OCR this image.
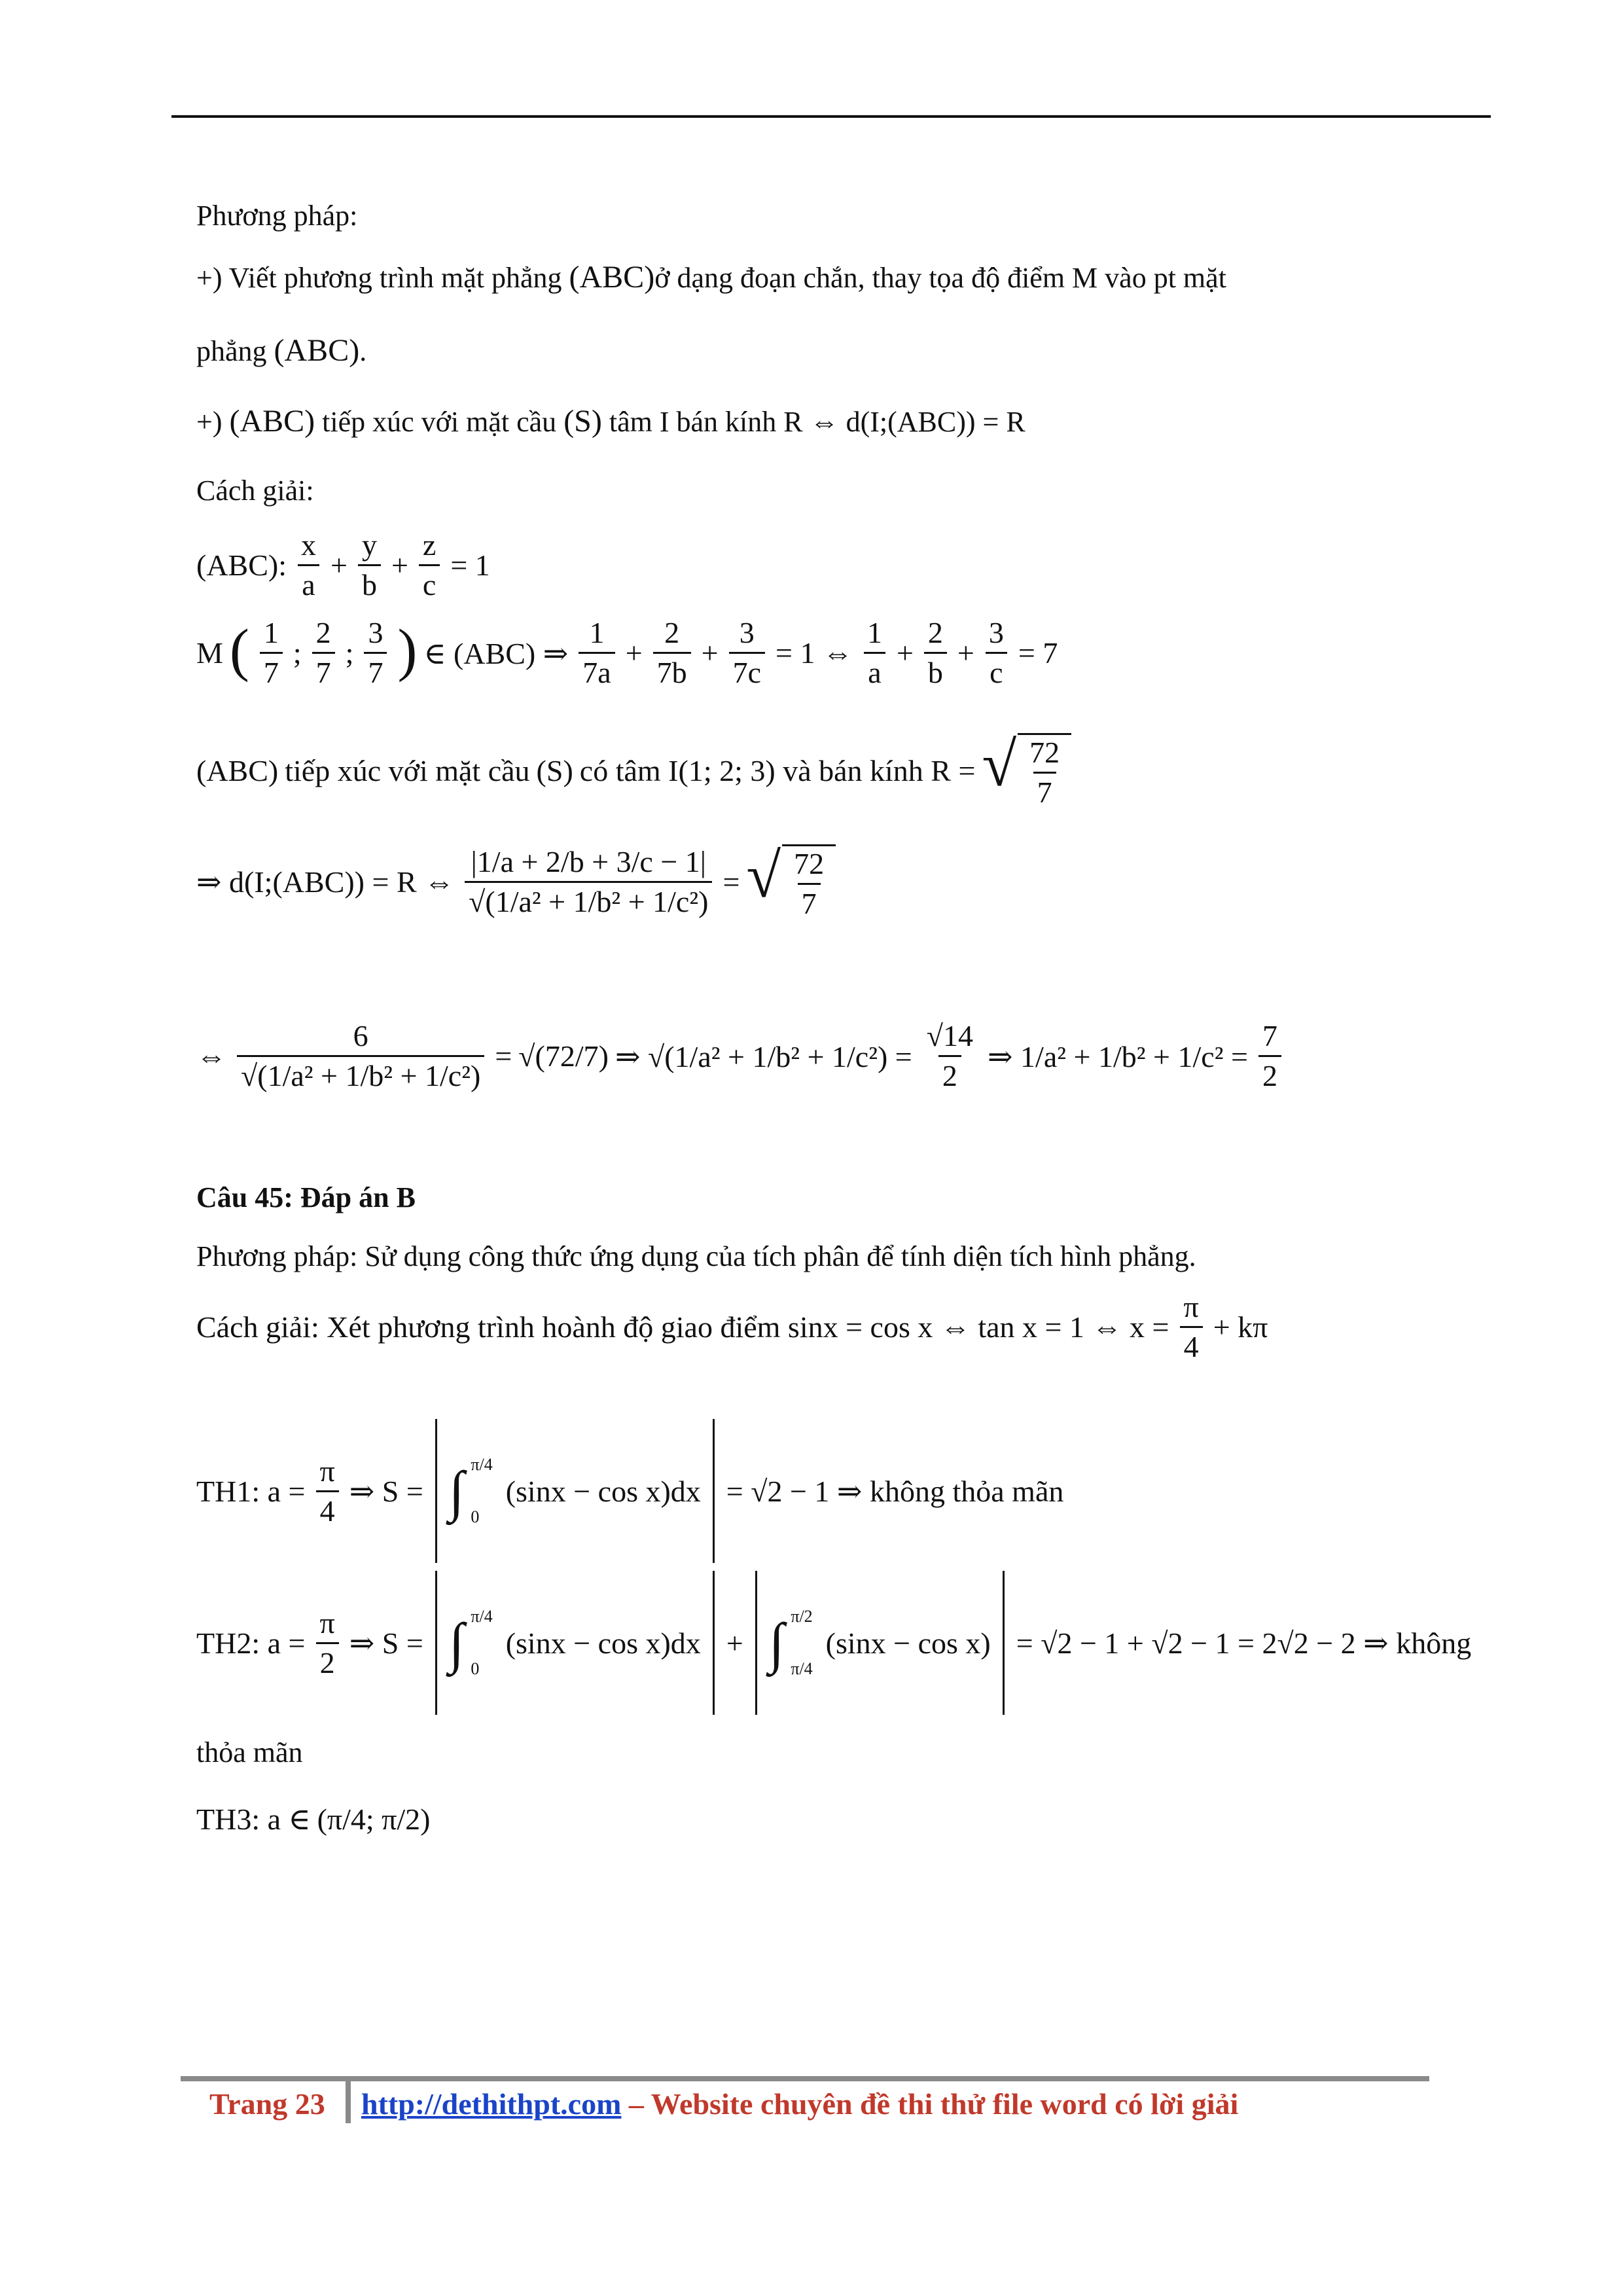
Phương pháp:
+) Viết phương trình mặt phẳng (ABC)ở dạng đoạn chắn, thay tọa độ điểm M vào pt mặt
phẳng (ABC).
+) (ABC) tiếp xúc với mặt cầu (S) tâm I bán kính R ⇔ d(I;(ABC)) = R
Cách giải:
(ABC): $\frac{x}{a} + \frac{y}{b} + \frac{z}{c} = 1$
M ( $\frac{1}{7}$ ; $\frac{2}{7}$ ; $\frac{3}{7}$ ) ∈ (ABC) ⇒ $\frac{1}{7a} + \frac{2}{7b} + \frac{3}{7c} = 1$ ⇔ $\frac{1}{a} + \frac{2}{b} + \frac{3}{c} = 7$
(ABC) tiếp xúc với mặt cầu (S) có tâm I(1; 2; 3) và bán kính R = √ $\frac{72}{7}$
⇒ d(I;(ABC)) = R ⇔ $\frac{|1/a + 2/b + 3/c - 1|}{\text{√(1/a² + 1/b² + 1/c²)}}$ = √ $\frac{72}{7}$
⇔ $\frac{6}{\text{√(1/a² + 1/b² + 1/c²)}} = √(72/7)$ ⇒ $√(1/a^2 + 1/b^2 + 1/c^2) = \frac{√14}{2}$ ⇒ $1/a^2 + 1/b^2 + 1/c^2 = \frac{7}{2}$
Câu 45: Đáp án B
Phương pháp: Sử dụng công thức ứng dụng của tích phân để tính diện tích hình phẳng.
Cách giải: Xét phương trình hoành độ giao điểm sinx = cos x ⇔ tan x = 1 ⇔ $x = \frac{\pi}{4} + k\pi$
TH1: $a = \frac{\pi}{4}$ ⇒ S = ∫ π/4
0
(sinx − cos x)dx = √2 − 1 ⇒ không thỏa mãn
TH2: $a = \frac{\pi}{2}$ ⇒ S = ∫ π/4
0
(sinx − cos x)dx + ∫ π/2
π/4
(sinx − cos x) = √2 − 1 + √2 − 1 = 2√2 − 2 ⇒ không
thỏa mãn
TH3: a ∈ (π/4; π/2)
Trang 23 http://dethithpt.com – Website chuyên đề thi thử file word có lời giải
